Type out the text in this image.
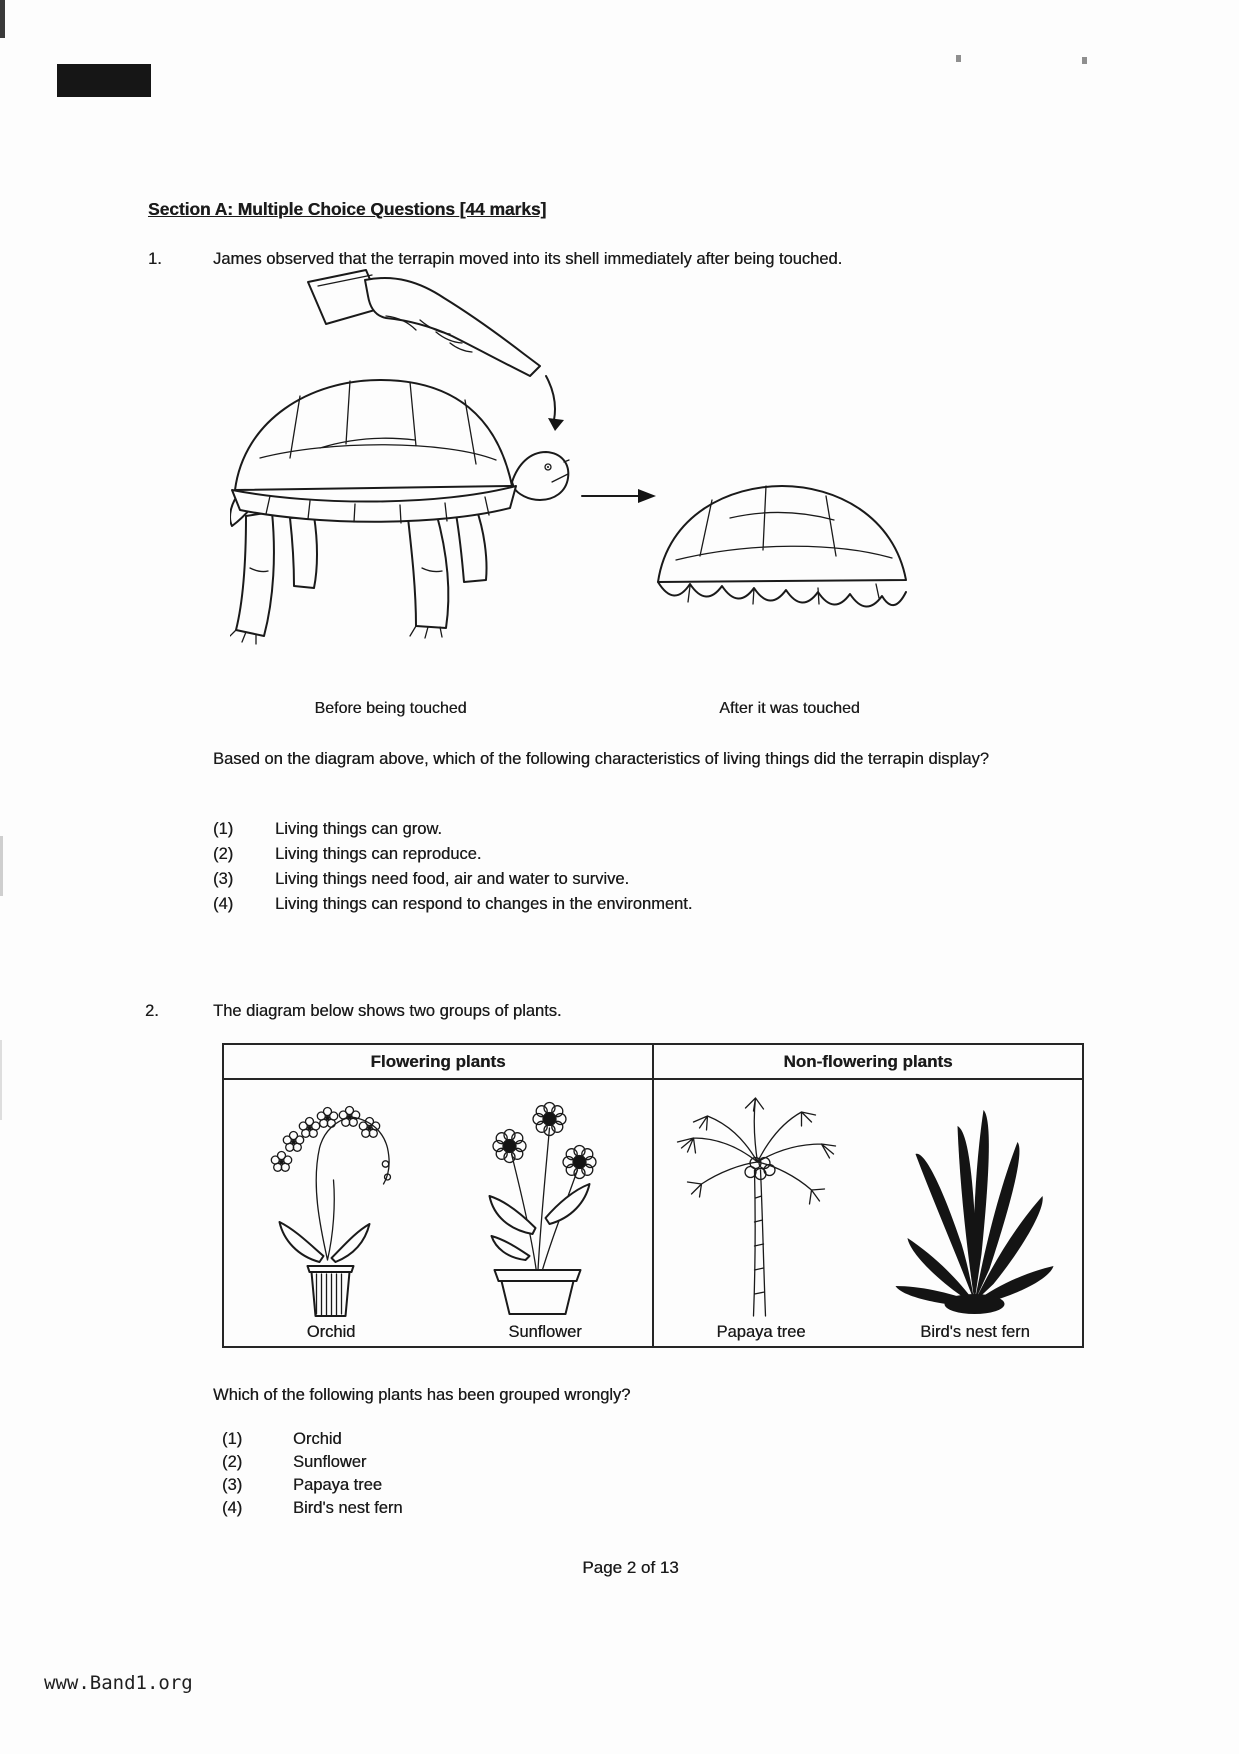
Section A: Multiple Choice Questions [44 marks]
1.	James observed that the terrapin moved into its shell immediately after being touched.
Before being touched	After it was touched
Based on the diagram above, which of the following characteristics of living things did the terrapin display?
(1)	Living things can grow.
(2)	Living things can reproduce.
(3)	Living things need food, air and water to survive.
(4)	Living things can respond to changes in the environment.
2.	The diagram below shows two groups of plants.
Flowering plants	Non-flowering plants
Orchid	Sunflower	Papaya tree	Bird's nest fern
Which of the following plants has been grouped wrongly?
(1)	Orchid
(2)	Sunflower
(3)	Papaya tree
(4)	Bird's nest fern
Page 2 of 13
www.Band1.org
